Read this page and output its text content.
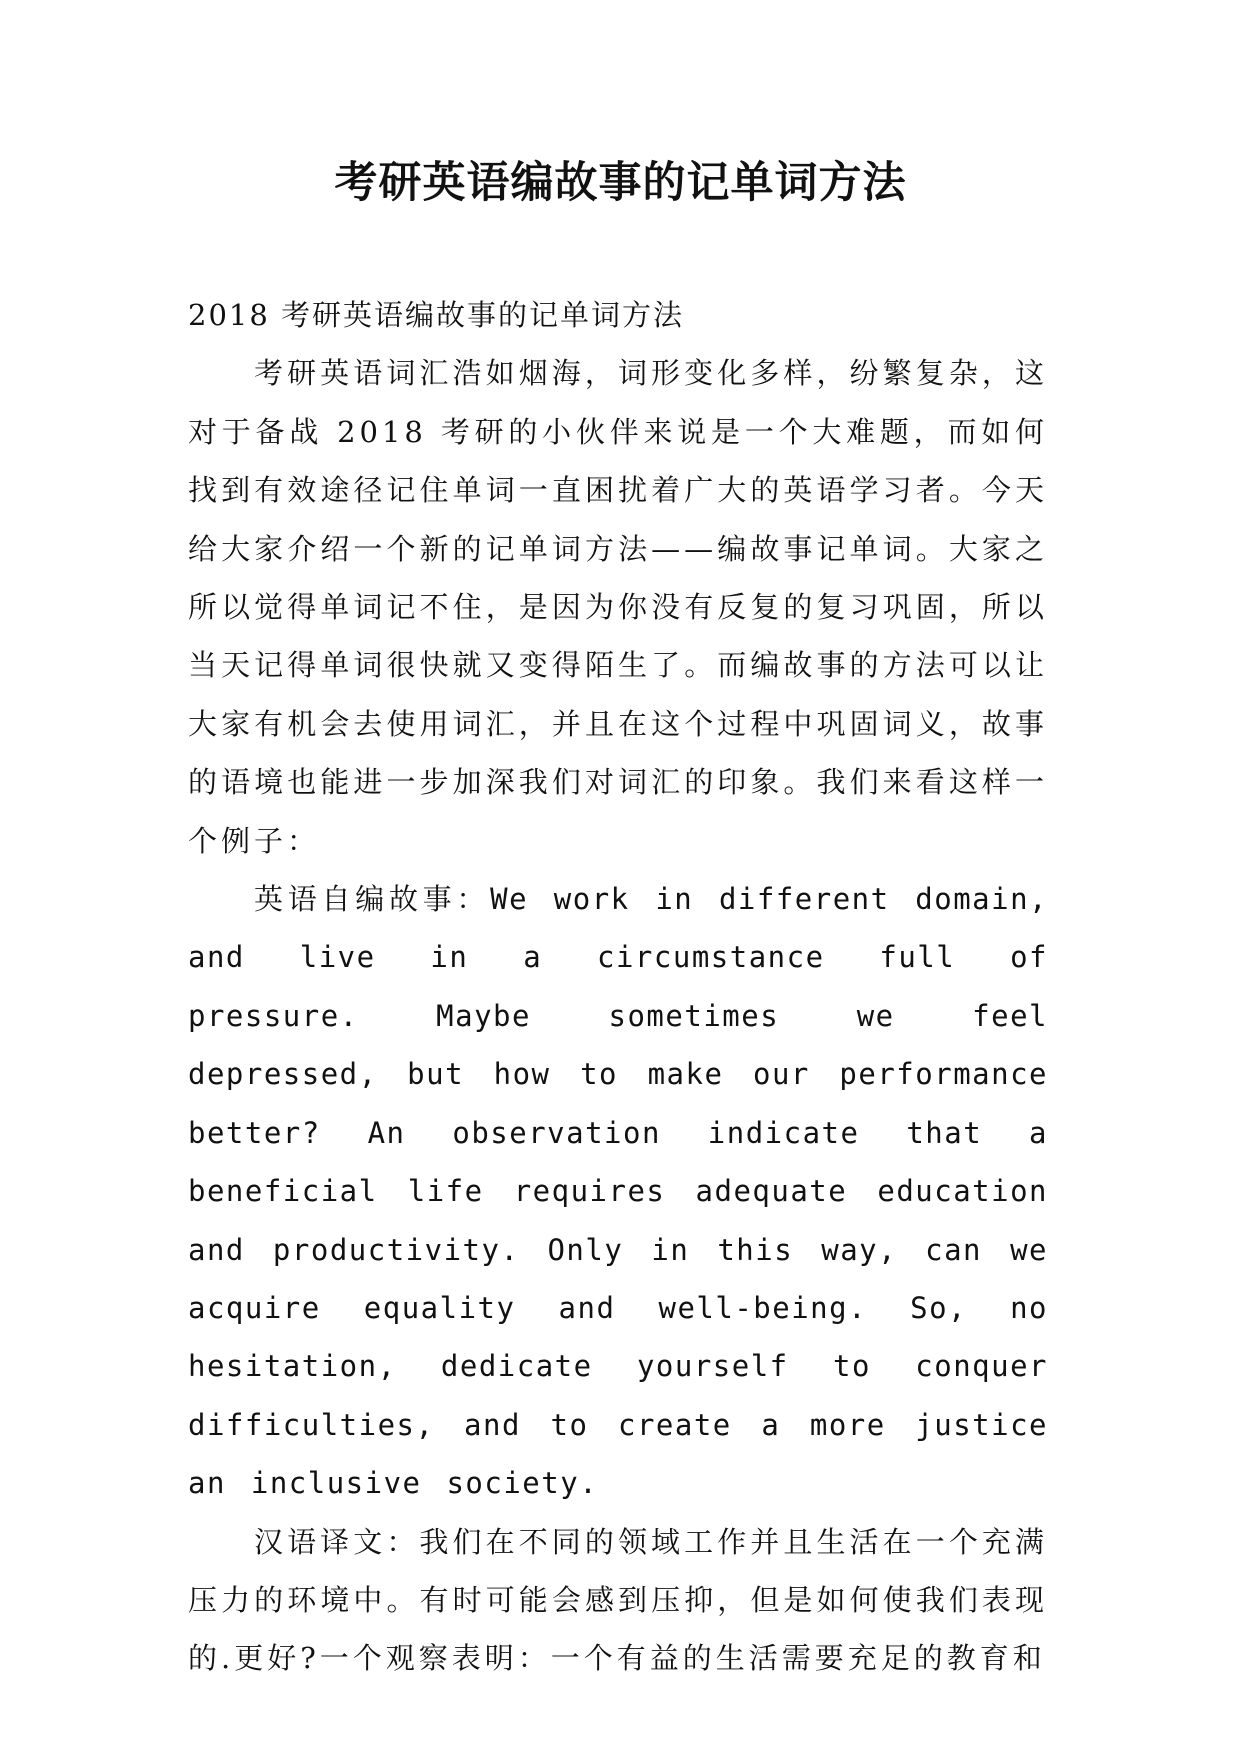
考研英语编故事的记单词方法

2018 考研英语编故事的记单词方法

考研英语词汇浩如烟海，词形变化多样，纷繁复杂，这对于备战 2018 考研的小伙伴来说是一个大难题，而如何找到有效途径记住单词一直困扰着广大的英语学习者。今天给大家介绍一个新的记单词方法——编故事记单词。大家之所以觉得单词记不住，是因为你没有反复的复习巩固，所以当天记得单词很快就又变得陌生了。而编故事的方法可以让大家有机会去使用词汇，并且在这个过程中巩固词义，故事的语境也能进一步加深我们对词汇的印象。我们来看这样一个例子：

英语自编故事：We work in different domain, and live in a circumstance full of pressure. Maybe sometimes we feel depressed, but how to make our performance better? An observation indicate that a beneficial life requires adequate education and productivity. Only in this way, can we acquire equality and well-being. So, no hesitation, dedicate yourself to conquer difficulties, and to create a more justice an inclusive society.

汉语译文：我们在不同的领域工作并且生活在一个充满压力的环境中。有时可能会感到压抑，但是如何使我们表现的.更好?一个观察表明：一个有益的生活需要充足的教育和
